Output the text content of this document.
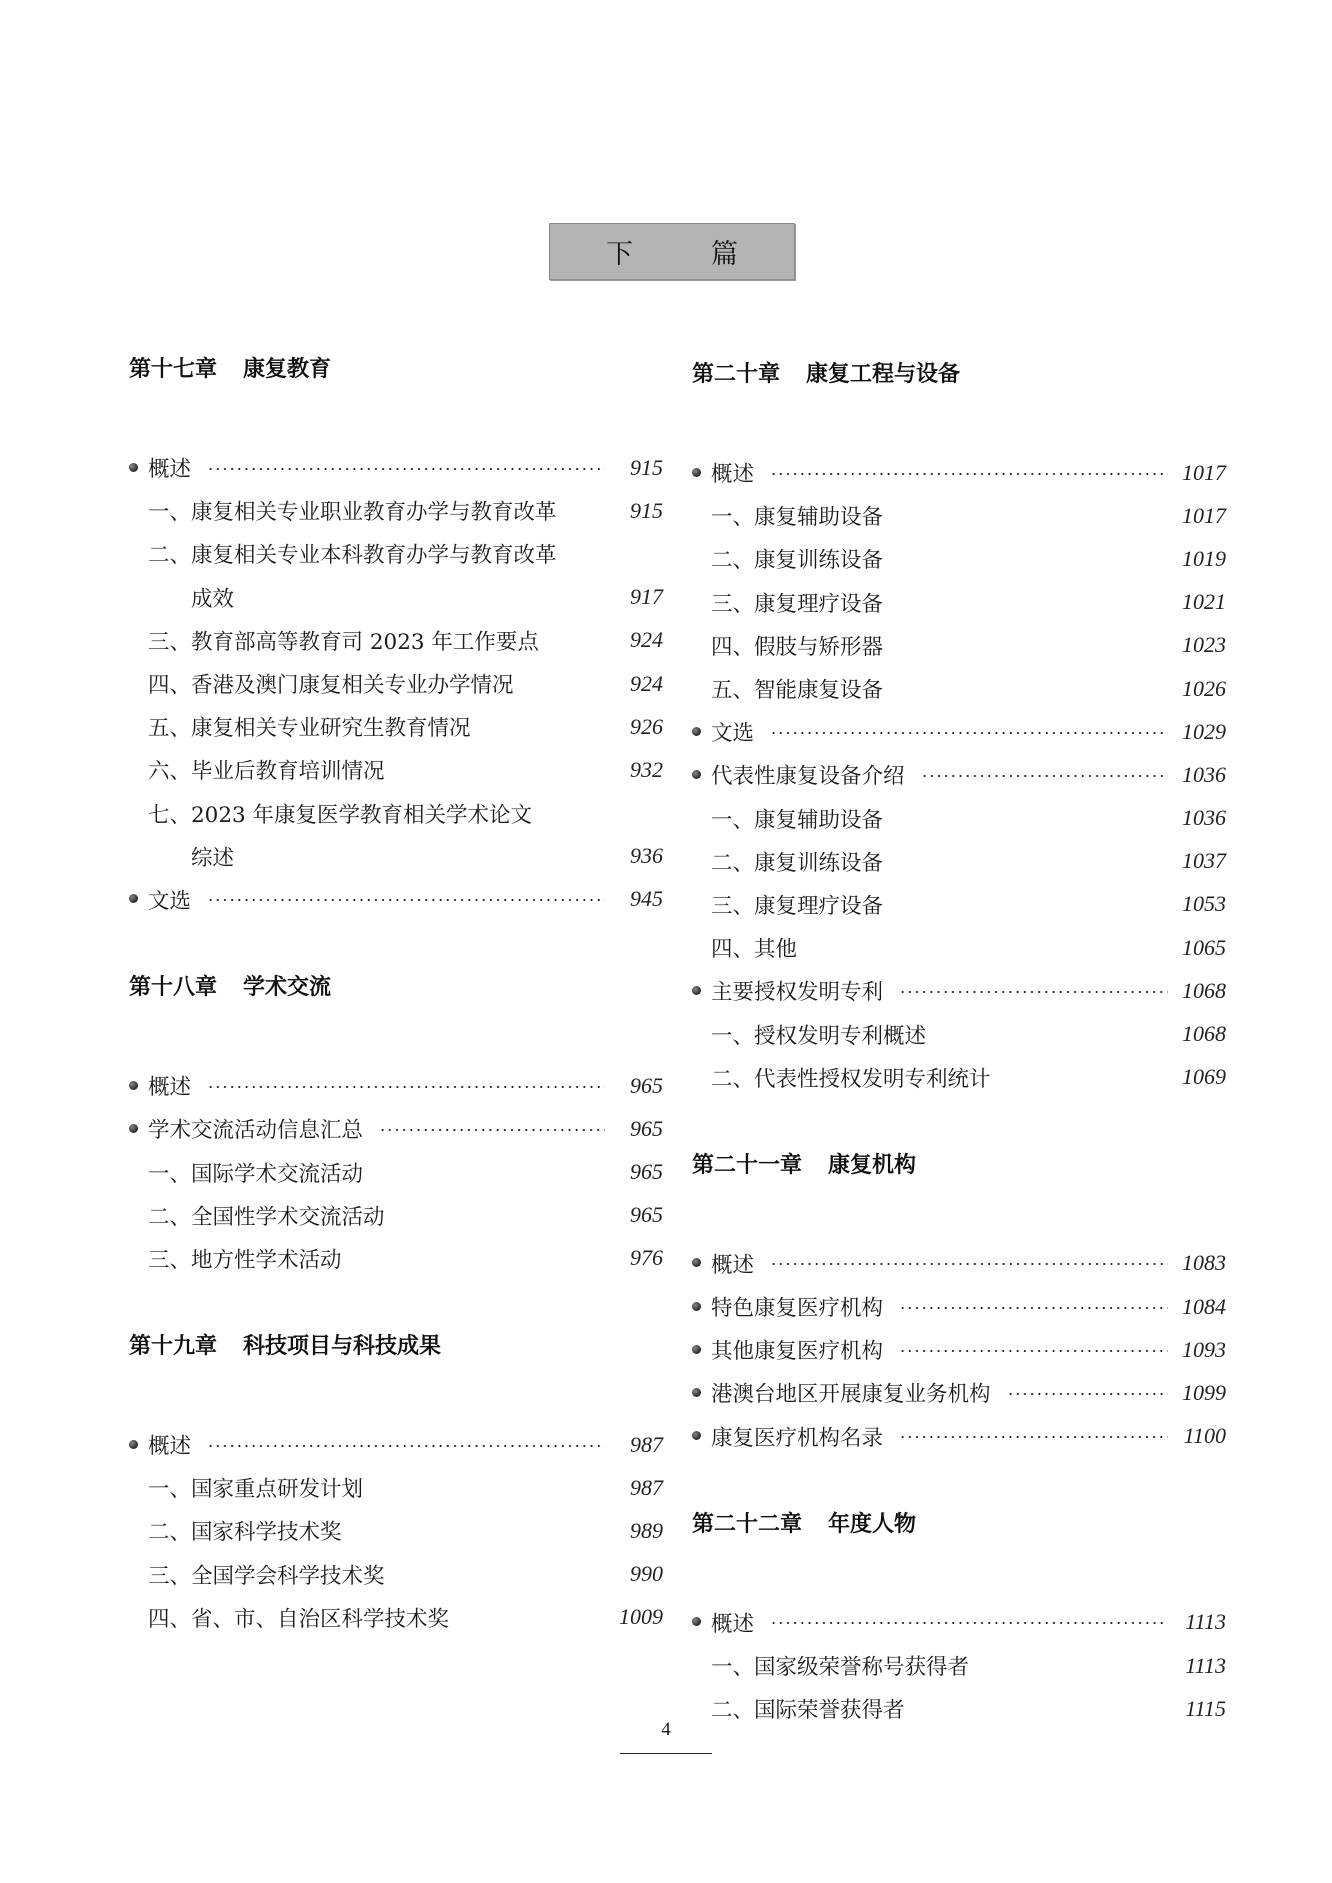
下	篇
第十七章 康复教育
概述	915
一、康复相关专业职业教育办学与教育改革	915
二、康复相关专业本科教育办学与教育改革
成效	917
三、教育部高等教育司 2023 年工作要点	924
四、香港及澳门康复相关专业办学情况	924
五、康复相关专业研究生教育情况	926
六、毕业后教育培训情况	932
七、2023 年康复医学教育相关学术论文
综述	936
文选	945
第十八章 学术交流
概述	965
学术交流活动信息汇总	965
一、国际学术交流活动	965
二、全国性学术交流活动	965
三、地方性学术活动	976
第十九章 科技项目与科技成果
概述	987
一、国家重点研发计划	987
二、国家科学技术奖	989
三、全国学会科学技术奖	990
四、省、市、自治区科学技术奖	1009
第二十章 康复工程与设备
概述	1017
一、康复辅助设备	1017
二、康复训练设备	1019
三、康复理疗设备	1021
四、假肢与矫形器	1023
五、智能康复设备	1026
文选	1029
代表性康复设备介绍	1036
一、康复辅助设备	1036
二、康复训练设备	1037
三、康复理疗设备	1053
四、其他	1065
主要授权发明专利	1068
一、授权发明专利概述	1068
二、代表性授权发明专利统计	1069
第二十一章 康复机构
概述	1083
特色康复医疗机构	1084
其他康复医疗机构	1093
港澳台地区开展康复业务机构	1099
康复医疗机构名录	1100
第二十二章 年度人物
概述	1113
一、国家级荣誉称号获得者	1113
二、国际荣誉获得者	1115
4
